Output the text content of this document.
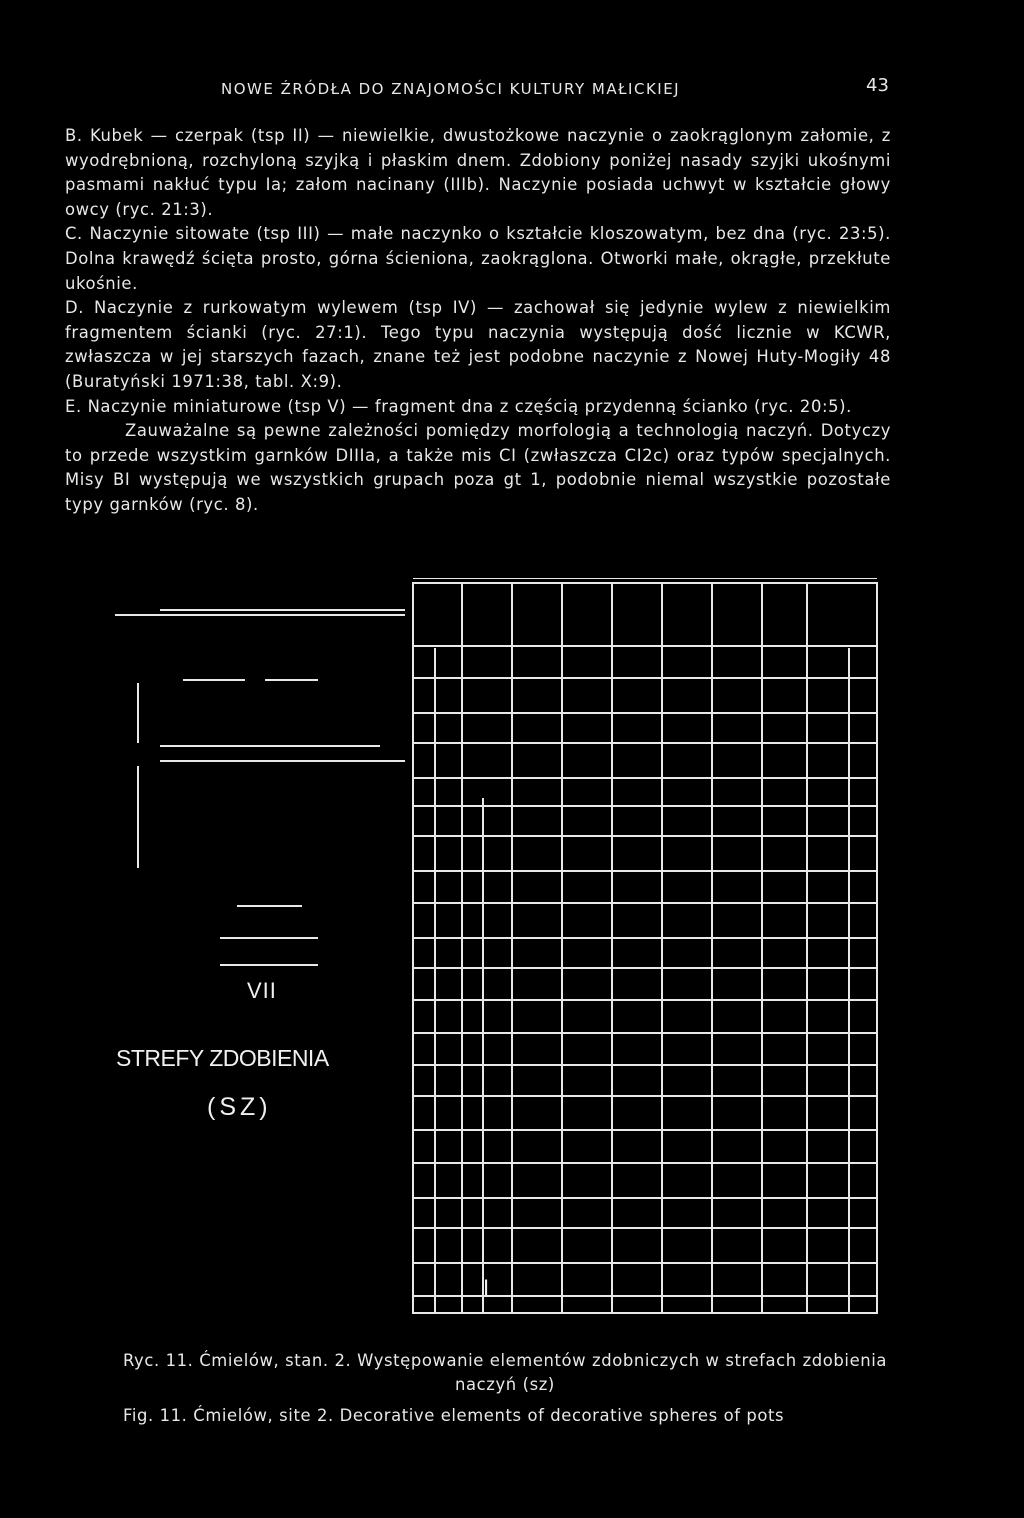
NOWE ŹRÓDŁA DO ZNAJOMOŚCI KULTURY MAŁICKIEJ	43

B. Kubek — czerpak (tsp II) — niewielkie, dwustożkowe naczynie o zaokrąglonym załomie, z wyodrębnioną, rozchyloną szyjką i płaskim dnem. Zdobiony poniżej nasady szyjki ukośnymi pasmami nakłuć typu Ia; załom nacinany (IIIb). Naczynie posiada uchwyt w kształcie głowy owcy (ryc. 21:3).

C. Naczynie sitowate (tsp III) — małe naczynko o kształcie kloszowatym, bez dna (ryc. 23:5). Dolna krawędź ścięta prosto, górna ścieniona, zaokrąglona. Otworki małe, okrągłe, przekłute ukośnie.

D. Naczynie z rurkowatym wylewem (tsp IV) — zachował się jedynie wylew z niewielkim fragmentem ścianki (ryc. 27:1). Tego typu naczynia występują dość licznie w KCWR, zwłaszcza w jej starszych fazach, znane też jest podobne naczynie z Nowej Huty-Mogiły 48 (Buratyński 1971:38, tabl. X:9).

E. Naczynie miniaturowe (tsp V) — fragment dna z częścią przydenną ścianko (ryc. 20:5).

Zauważalne są pewne zależności pomiędzy morfologią a technologią naczyń. Dotyczy to przede wszystkim garnków DIIIa, a także mis CI (zwłaszcza CI2c) oraz typów specjalnych. Misy BI występują we wszystkich grupach poza gt 1, podobnie niemal wszystkie pozostałe typy garnków (ryc. 8).

I
VII
STREFY ZDOBIENIA
(SZ)
Ryc. 11. Ćmielów, stan. 2. Występowanie elementów zdobniczych w strefach zdobienia naczyń (sz)
Fig. 11. Ćmielów, site 2. Decorative elements of decorative spheres of pots
